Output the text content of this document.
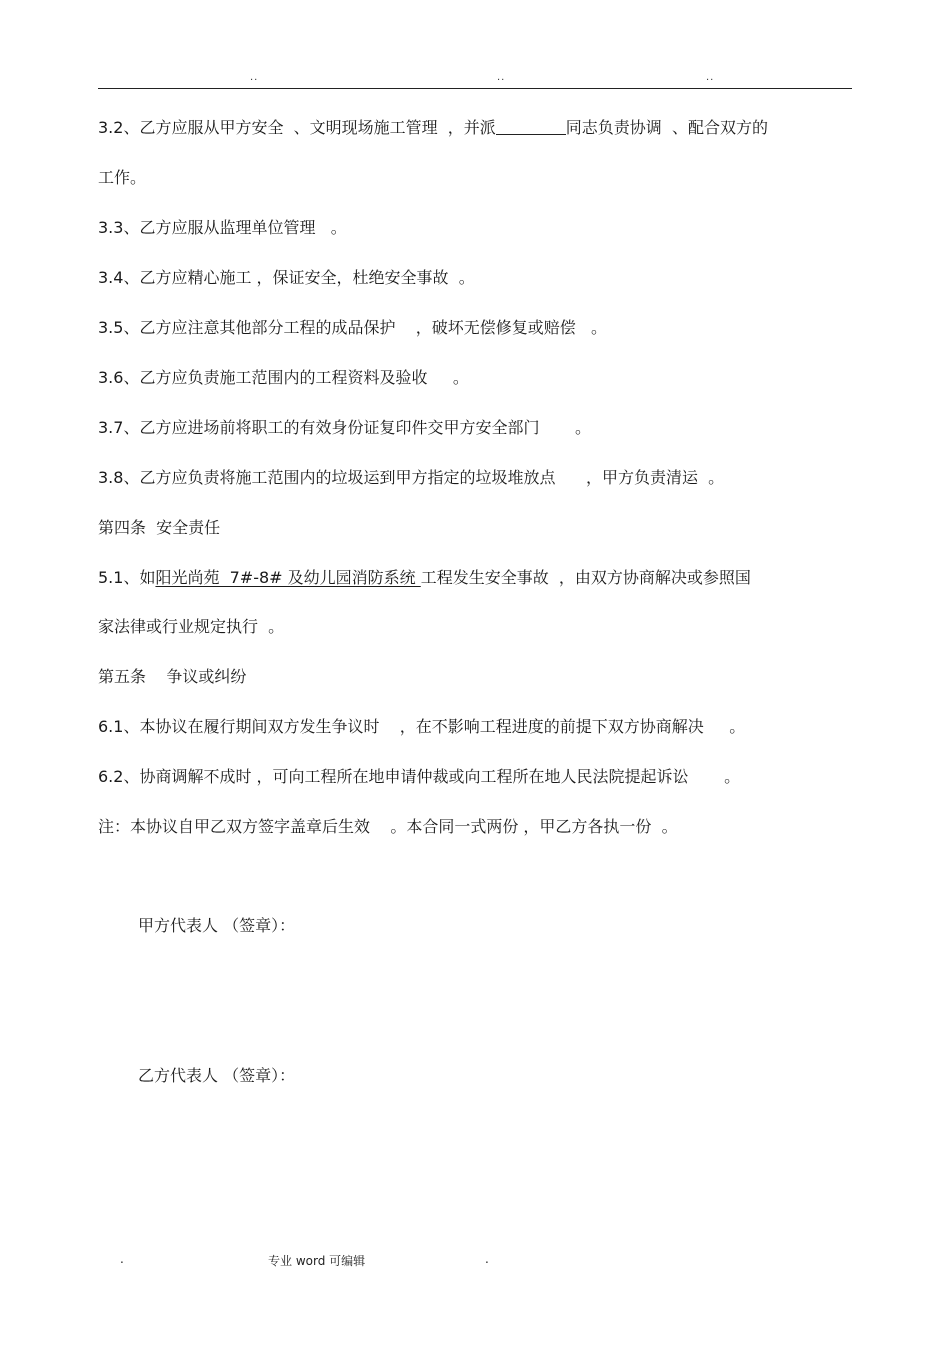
..	..	..
3.2、乙方应服从甲方安全  、文明现场施工管理  ，并派	同志负责协调  、配合双方的
工作。
3.3、乙方应服从监理单位管理   。
3.4、乙方应精心施工 ，保证安全，杜绝安全事故  。
3.5、乙方应注意其他部分工程的成品保护    ，破坏无偿修复或赔偿   。
3.6、乙方应负责施工范围内的工程资料及验收     。
3.7、乙方应进场前将职工的有效身份证复印件交甲方安全部门       。
3.8、乙方应负责将施工范围内的垃圾运到甲方指定的垃圾堆放点      ，甲方负责清运  。
第四条  安全责任
5.1、如阳光尚苑  7#-8# 及幼儿园消防系统 工程发生安全事故  ，由双方协商解决或参照国
家法律或行业规定执行  。
第五条    争议或纠纷
6.1、本协议在履行期间双方发生争议时    ，在不影响工程进度的前提下双方协商解决     。
6.2、协商调解不成时 ，可向工程所在地申请仲裁或向工程所在地人民法院提起诉讼       。
注：本协议自甲乙双方签字盖章后生效    。本合同一式两份 ，甲乙方各执一份  。
甲方代表人 （签章）：
乙方代表人 （签章）：
.	专业 word 可编辑	.
